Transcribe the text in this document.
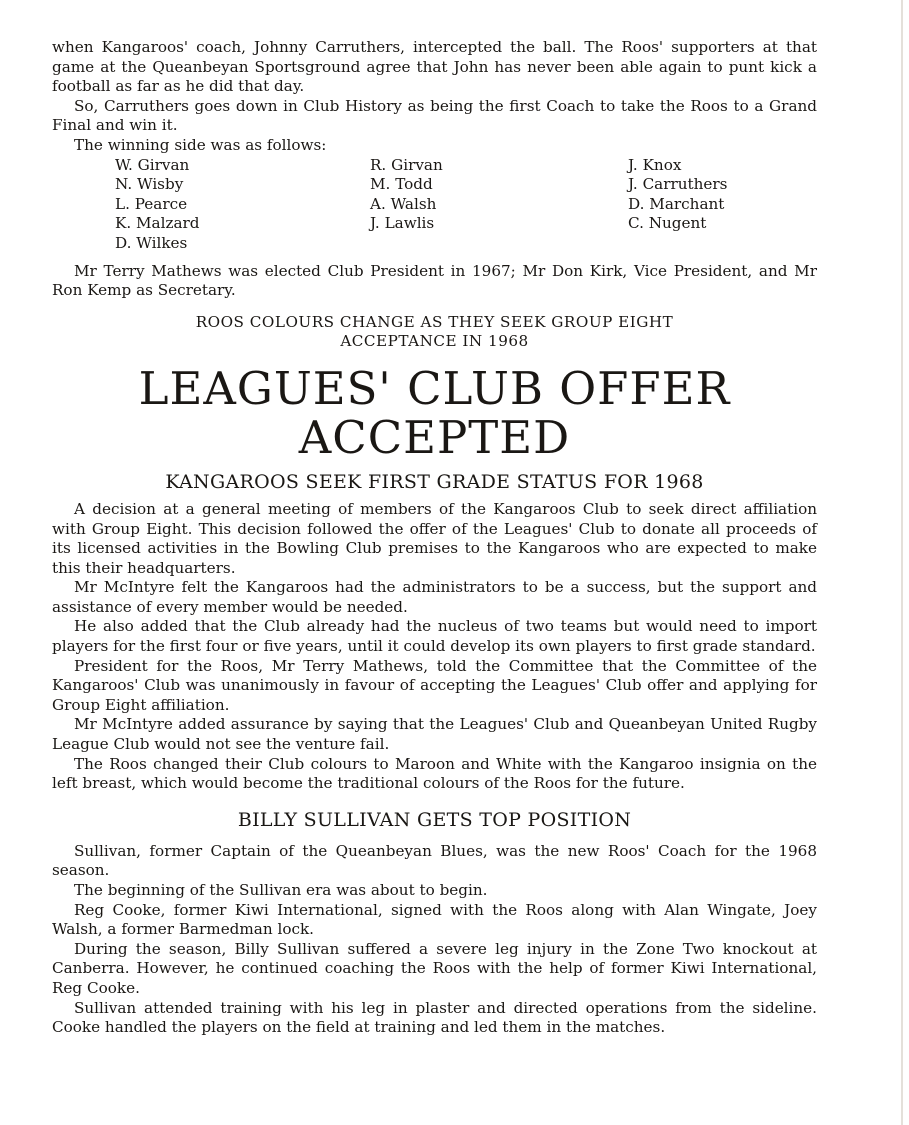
when Kangaroos' coach, Johnny Carruthers, intercepted the ball. The Roos' supporters at that game at the Queanbeyan Sportsground agree that John has never been able again to punt kick a football as far as he did that day.

So, Carruthers goes down in Club History as being the first Coach to take the Roos to a Grand Final and win it.

The winning side was as follows:

W. Girvan	R. Girvan	J. Knox
N. Wisby	M. Todd	J. Carruthers
L. Pearce	A. Walsh	D. Marchant
K. Malzard	J. Lawlis	C. Nugent
D. Wilkes

Mr Terry Mathews was elected Club President in 1967; Mr Don Kirk, Vice President, and Mr Ron Kemp as Secretary.

ROOS COLOURS CHANGE AS THEY SEEK GROUP EIGHT
ACCEPTANCE IN 1968
LEAGUES' CLUB OFFER
ACCEPTED
KANGAROOS SEEK FIRST GRADE STATUS FOR 1968

A decision at a general meeting of members of the Kangaroos Club to seek direct affiliation with Group Eight. This decision followed the offer of the Leagues' Club to donate all proceeds of its licensed activities in the Bowling Club premises to the Kangaroos who are expected to make this their headquarters.

Mr McIntyre felt the Kangaroos had the administrators to be a success, but the support and assistance of every member would be needed.

He also added that the Club already had the nucleus of two teams but would need to import players for the first four or five years, until it could develop its own players to first grade standard.

President for the Roos, Mr Terry Mathews, told the Committee that the Committee of the Kangaroos' Club was unanimously in favour of accepting the Leagues' Club offer and applying for Group Eight affiliation.

Mr McIntyre added assurance by saying that the Leagues' Club and Queanbeyan United Rugby League Club would not see the venture fail.

The Roos changed their Club colours to Maroon and White with the Kangaroo insignia on the left breast, which would become the traditional colours of the Roos for the future.

BILLY SULLIVAN GETS TOP POSITION

Sullivan, former Captain of the Queanbeyan Blues, was the new Roos' Coach for the 1968 season.

The beginning of the Sullivan era was about to begin.

Reg Cooke, former Kiwi International, signed with the Roos along with Alan Wingate, Joey Walsh, a former Barmedman lock.

During the season, Billy Sullivan suffered a severe leg injury in the Zone Two knockout at Canberra. However, he continued coaching the Roos with the help of former Kiwi International, Reg Cooke.

Sullivan attended training with his leg in plaster and directed operations from the sideline. Cooke handled the players on the field at training and led them in the matches.
